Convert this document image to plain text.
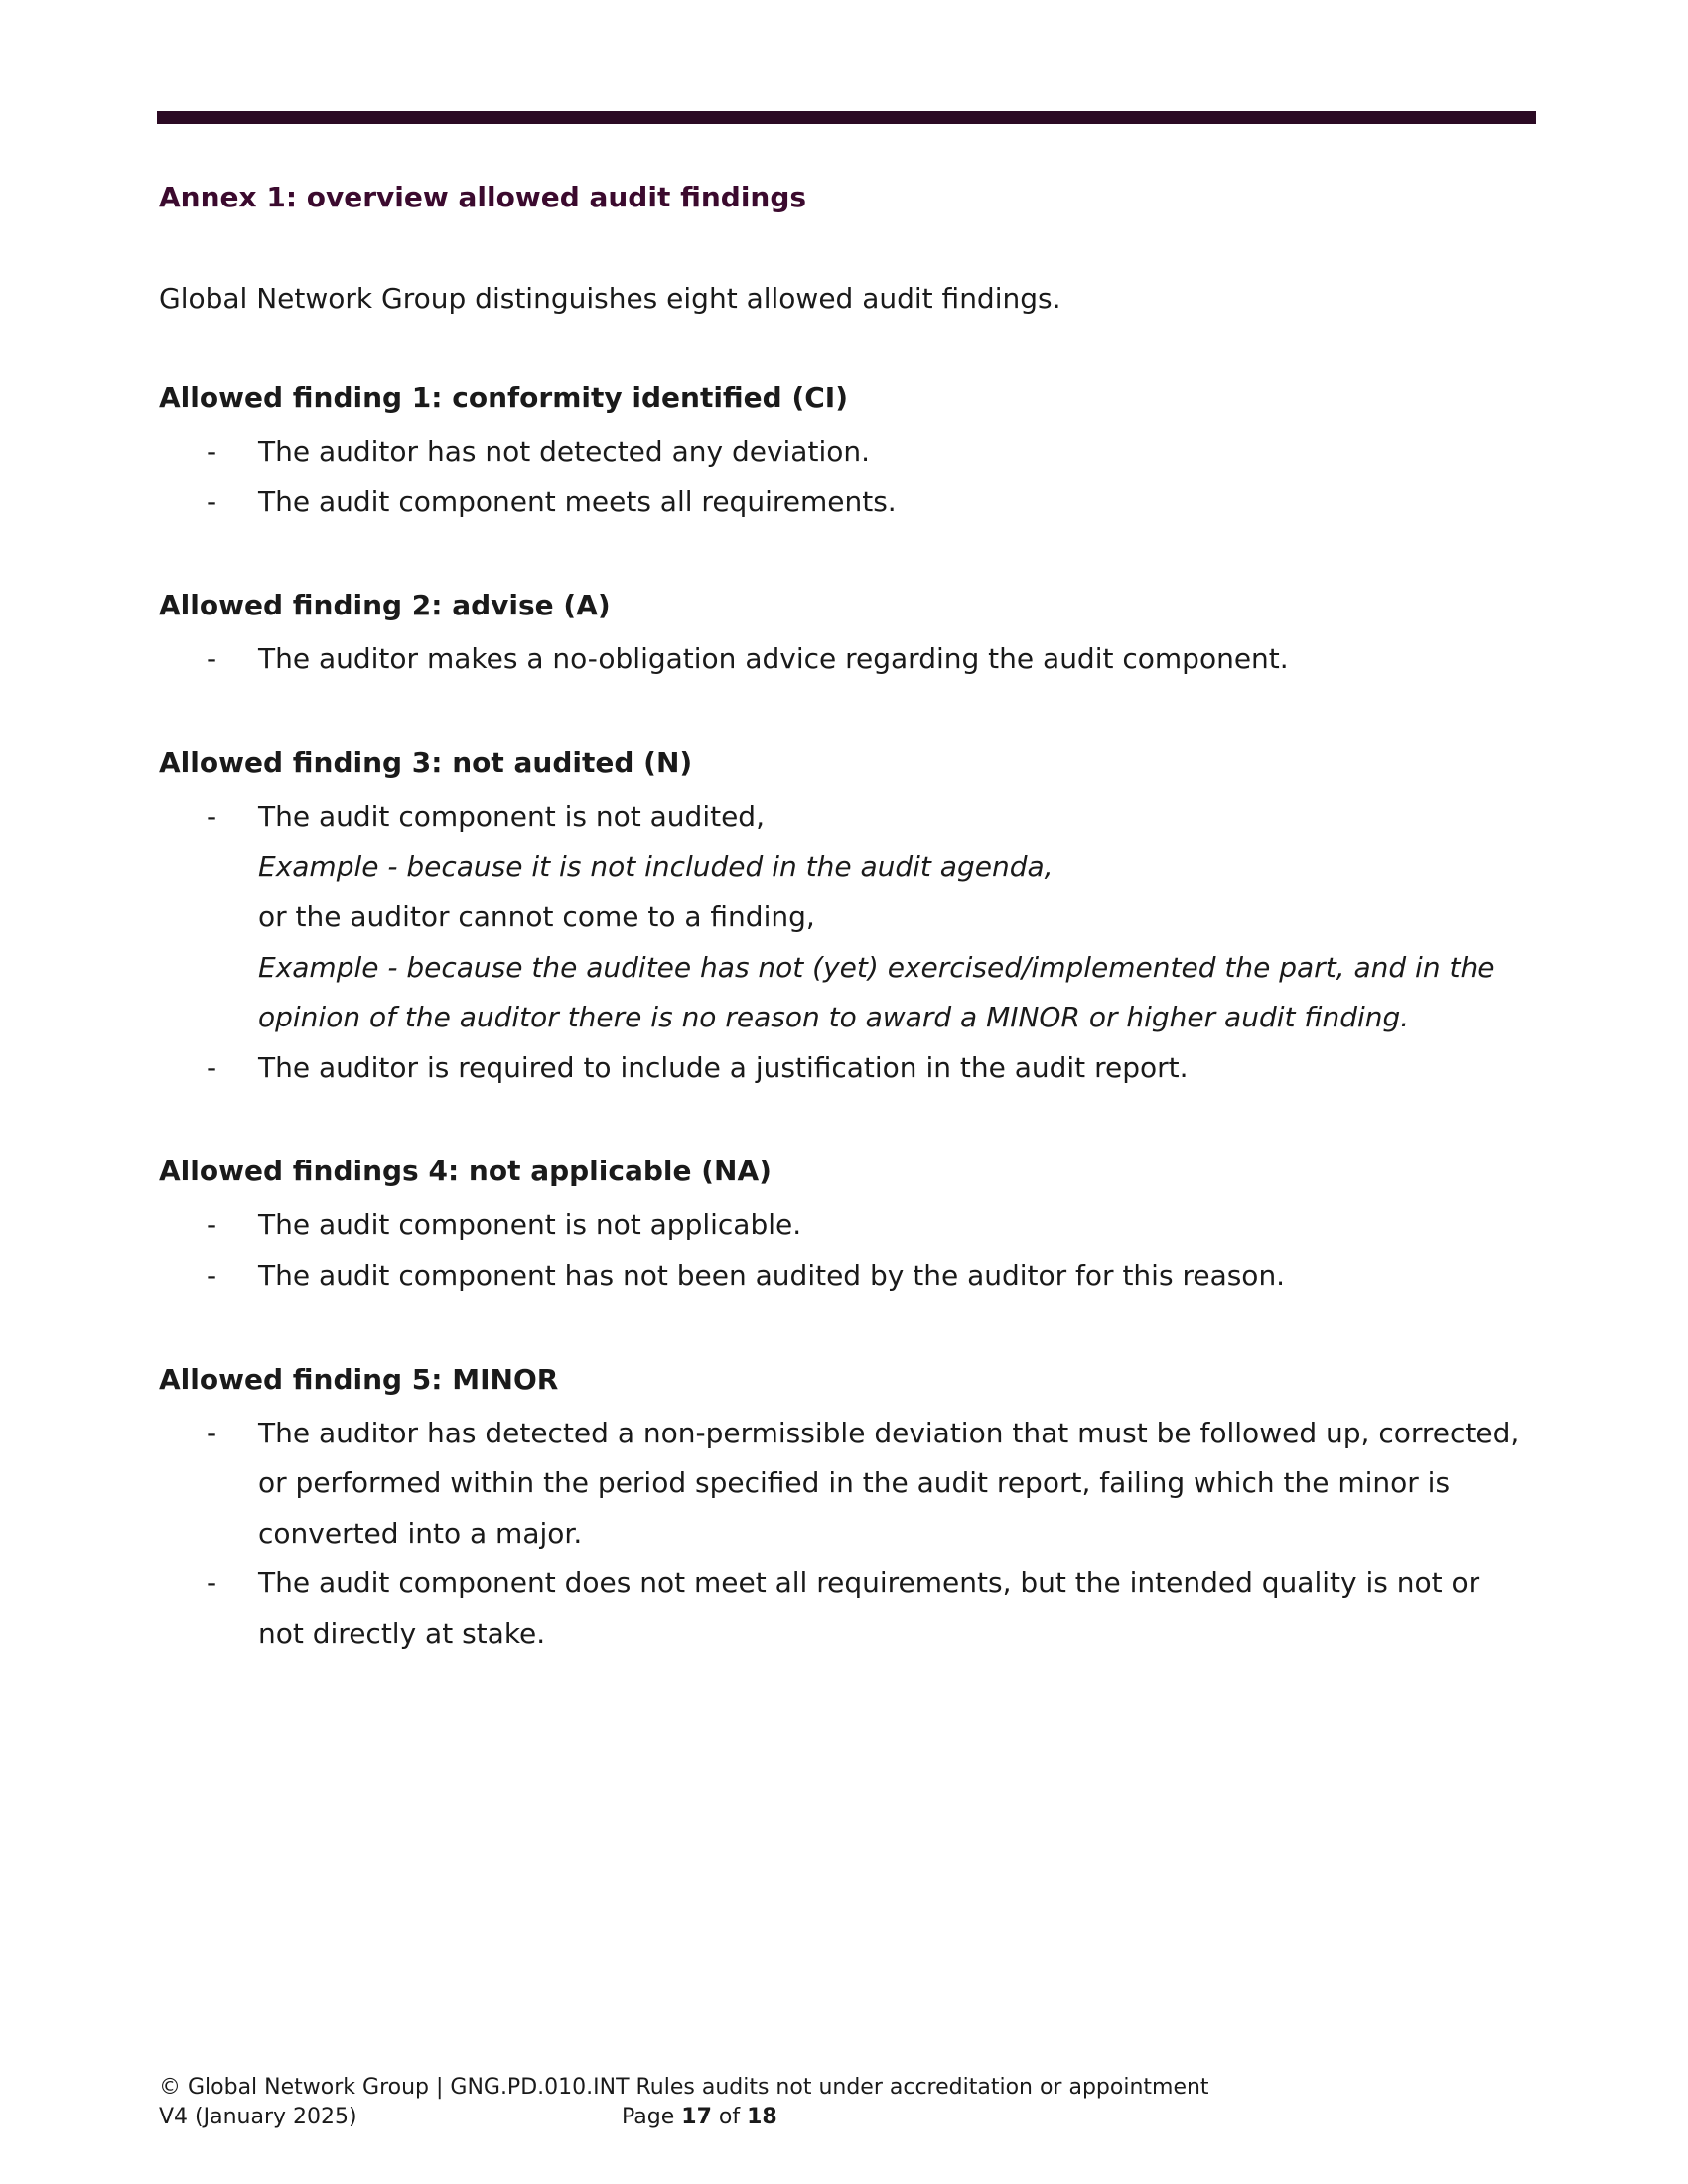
Annex 1: overview allowed audit findings

Global Network Group distinguishes eight allowed audit findings.

Allowed finding 1: conformity identified (CI)
- The auditor has not detected any deviation.
- The audit component meets all requirements.
Allowed finding 2: advise (A)
- The auditor makes a no-obligation advice regarding the audit component.
Allowed finding 3: not audited (N)
- The audit component is not audited,
Example - because it is not included in the audit agenda,
or the auditor cannot come to a finding,
Example - because the auditee has not (yet) exercised/implemented the part, and in the
opinion of the auditor there is no reason to award a MINOR or higher audit finding.
- The auditor is required to include a justification in the audit report.
Allowed findings 4: not applicable (NA)
- The audit component is not applicable.
- The audit component has not been audited by the auditor for this reason.
Allowed finding 5: MINOR
- The auditor has detected a non-permissible deviation that must be followed up, corrected,
or performed within the period specified in the audit report, failing which the minor is
converted into a major.
- The audit component does not meet all requirements, but the intended quality is not or
not directly at stake.
© Global Network Group | GNG.PD.010.INT Rules audits not under accreditation or appointment
V4 (January 2025)	Page 17 of 18
